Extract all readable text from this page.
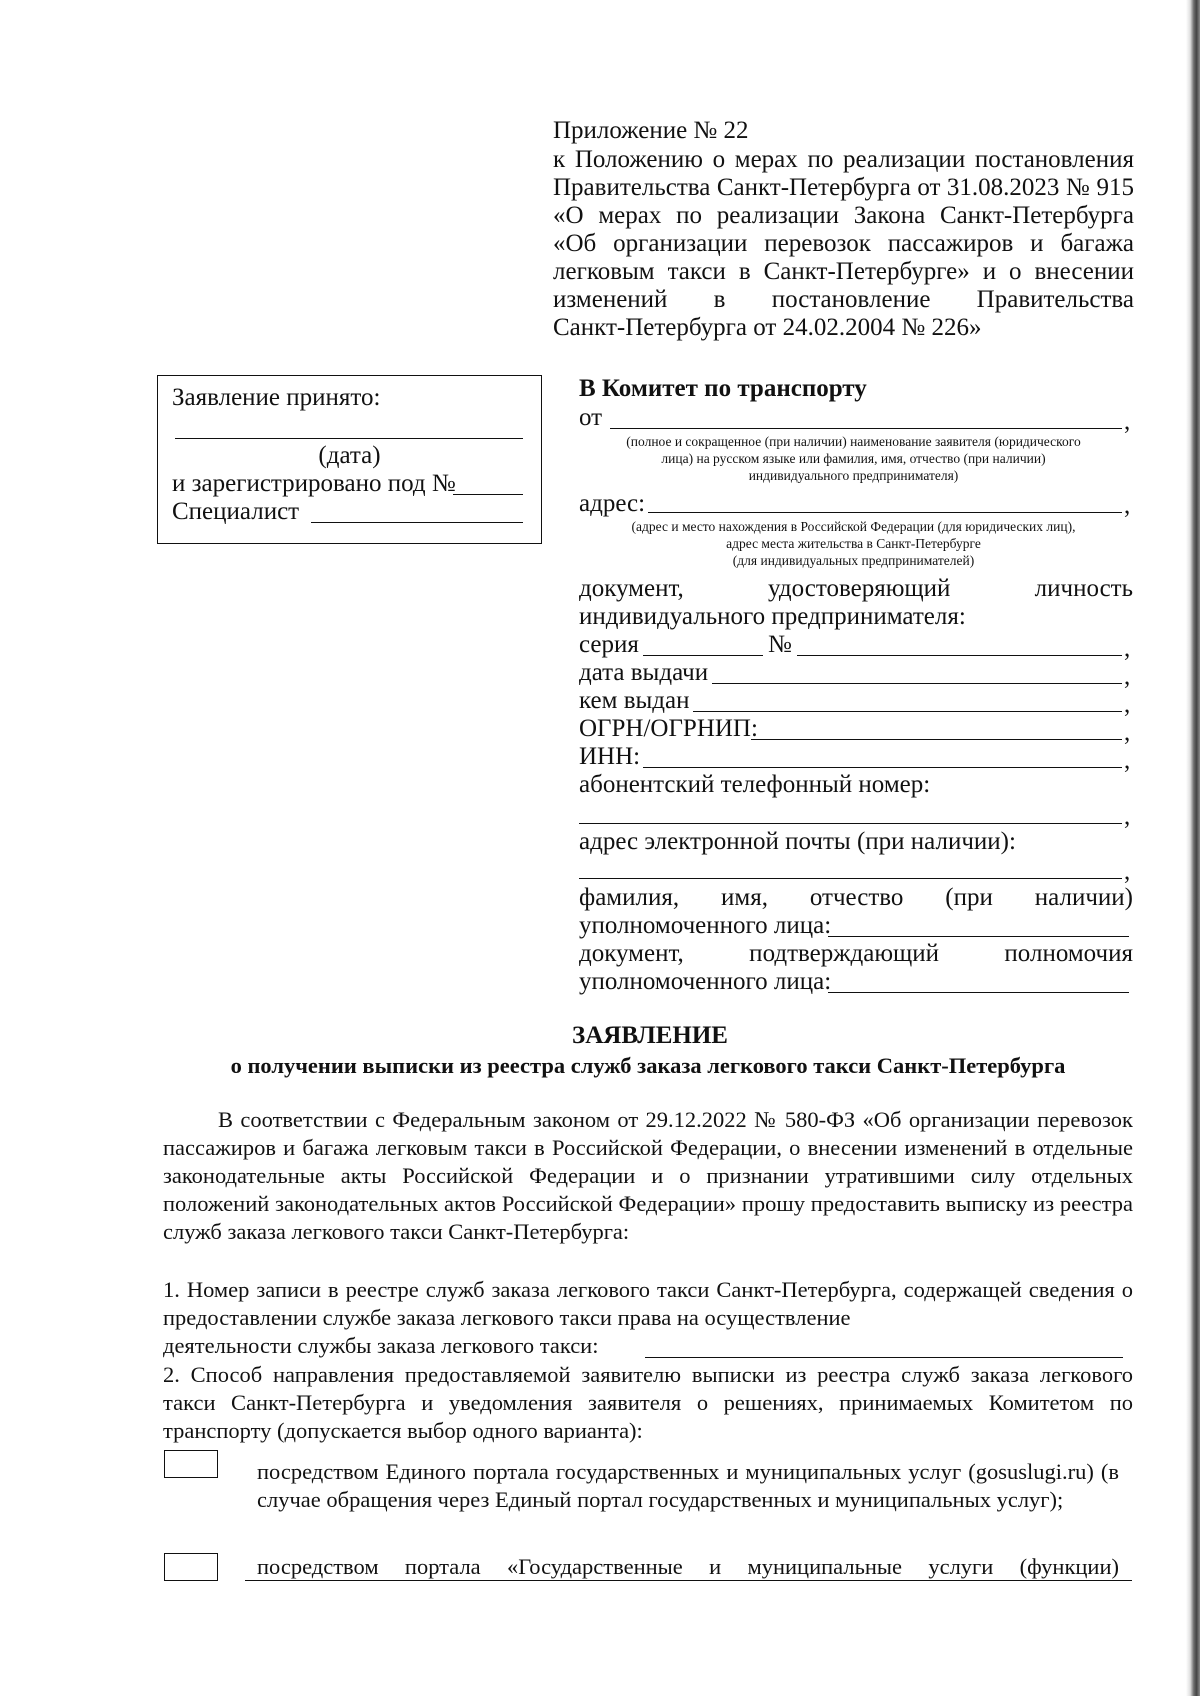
Приложение № 22
к Положению о мерах по реализации постановления
Правительства Санкт-Петербурга от 31.08.2023 № 915
«О мерах по реализации Закона Санкт-Петербурга
«Об организации перевозок пассажиров и багажа
легковым такси в Санкт-Петербурге» и о внесении
изменений в постановление Правительства
Санкт-Петербурга от 24.02.2004 № 226»
Заявление принято:
(дата)
и зарегистрировано под №
Специалист
В Комитет по транспорту
от	,
(полное и сокращенное (при наличии) наименование заявителя (юридического
лица) на русском языке или фамилия, имя, отчество (при наличии)
индивидуального предпринимателя)
адрес:	,
(адрес и место нахождения в Российской Федерации (для юридических лиц),
адрес места жительства в Санкт-Петербурге
(для индивидуальных предпринимателей)
документ, удостоверяющий личность
индивидуального предпринимателя:
серия	№	,
дата выдачи	,
кем выдан	,
ОГРН/ОГРНИП:	,
ИНН:	,
абонентский телефонный номер:
,
адрес электронной почты (при наличии):
,
фамилия, имя, отчество (при наличии)
уполномоченного лица:
документ, подтверждающий полномочия
уполномоченного лица:
ЗАЯВЛЕНИЕ
о получении выписки из реестра служб заказа легкового такси Санкт-Петербурга
В соответствии с Федеральным законом от 29.12.2022 № 580-ФЗ «Об организации перевозок пассажиров и багажа легковым такси в Российской Федерации, о внесении изменений в отдельные законодательные акты Российской Федерации и о признании утратившими силу отдельных положений законодательных актов Российской Федерации» прошу предоставить выписку из реестра служб заказа легкового такси Санкт-Петербурга:
1. Номер записи в реестре служб заказа легкового такси Санкт-Петербурга, содержащей сведения о предоставлении службе заказа легкового такси права на осуществление
деятельности службы заказа легкового такси:
2. Способ направления предоставляемой заявителю выписки из реестра служб заказа легкового такси Санкт-Петербурга и уведомления заявителя о решениях, принимаемых Комитетом по транспорту (допускается выбор одного варианта):
посредством Единого портала государственных и муниципальных услуг (gosuslugi.ru) (в случае обращения через Единый портал государственных и муниципальных услуг);
посредством портала «Государственные и муниципальные услуги (функции)
